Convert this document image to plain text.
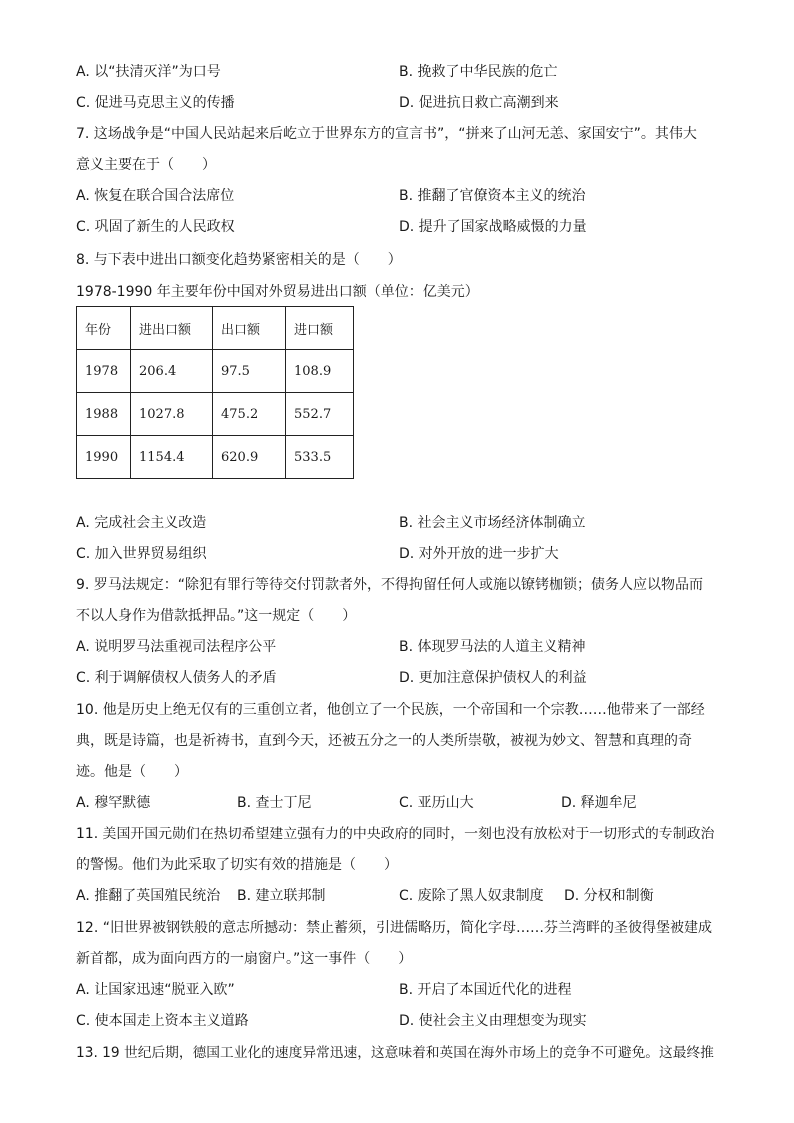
A. 以“扶清灭洋”为口号	B. 挽救了中华民族的危亡
C. 促进马克思主义的传播	D. 促进抗日救亡高潮到来
7. 这场战争是“中国人民站起来后屹立于世界东方的宣言书”，“拼来了山河无恙、家国安宁”。其伟大
意义主要在于（　　）
A. 恢复在联合国合法席位	B. 推翻了官僚资本主义的统治
C. 巩固了新生的人民政权	D. 提升了国家战略威慑的力量
8. 与下表中进出口额变化趋势紧密相关的是（　　）
1978-1990 年主要年份中国对外贸易进出口额（单位：亿美元）
年份	进出口额	出口额	进口额
1978	206.4	97.5	108.9
1988	1027.8	475.2	552.7
1990	1154.4	620.9	533.5
A. 完成社会主义改造	B. 社会主义市场经济体制确立
C. 加入世界贸易组织	D. 对外开放的进一步扩大
9. 罗马法规定：“除犯有罪行等待交付罚款者外，不得拘留任何人或施以镣铐枷锁；债务人应以物品而
不以人身作为借款抵押品。”这一规定（　　）
A. 说明罗马法重视司法程序公平	B. 体现罗马法的人道主义精神
C. 利于调解债权人债务人的矛盾	D. 更加注意保护债权人的利益
10. 他是历史上绝无仅有的三重创立者，他创立了一个民族，一个帝国和一个宗教……他带来了一部经
典，既是诗篇，也是祈祷书，直到今天，还被五分之一的人类所崇敬，被视为妙文、智慧和真理的奇
迹。他是（　　）
A. 穆罕默德	B. 查士丁尼	C. 亚历山大	D. 释迦牟尼
11. 美国开国元勋们在热切希望建立强有力的中央政府的同时，一刻也没有放松对于一切形式的专制政治
的警惕。他们为此采取了切实有效的措施是（　　）
A. 推翻了英国殖民统治 B. 建立联邦制	C. 废除了黑人奴隶制度 D. 分权和制衡
12. “旧世界被钢铁般的意志所撼动：禁止蓄须，引进儒略历，简化字母……芬兰湾畔的圣彼得堡被建成
新首都，成为面向西方的一扇窗户。”这一事件（　　）
A. 让国家迅速“脱亚入欧”	B. 开启了本国近代化的进程
C. 使本国走上资本主义道路	D. 使社会主义由理想变为现实
13. 19 世纪后期，德国工业化的速度异常迅速，这意味着和英国在海外市场上的竞争不可避免。这最终推
